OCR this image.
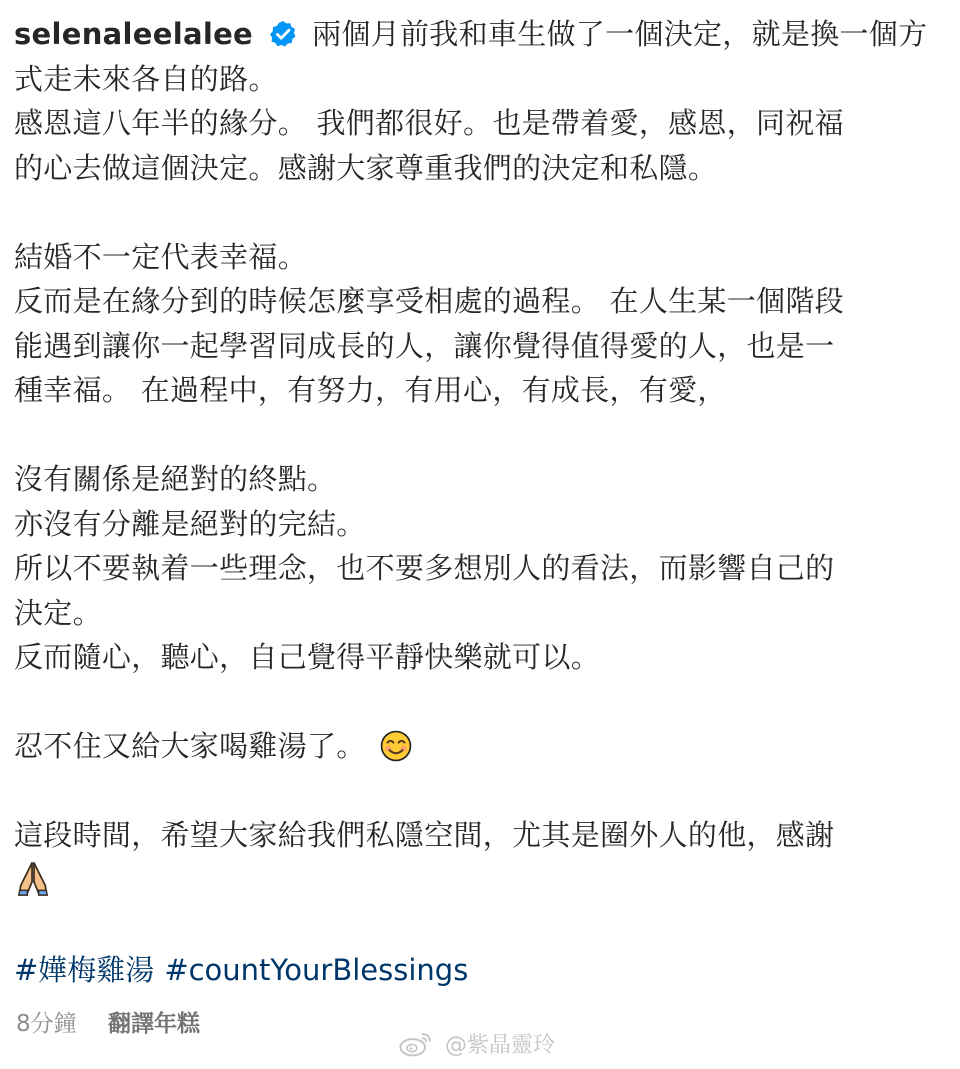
selenaleelalee 兩個月前我和車生做了一個決定，就是換一個方
式走未來各自的路。
感恩這八年半的緣分。 我們都很好。也是帶着愛，感恩，同祝福
的心去做這個決定。感謝大家尊重我們的決定和私隱。
結婚不一定代表幸福。
反而是在緣分到的時候怎麼享受相處的過程。 在人生某一個階段
能遇到讓你一起學習同成長的人，讓你覺得值得愛的人，也是一
種幸福。 在過程中，有努力，有用心，有成長，有愛，
沒有關係是絕對的終點。
亦沒有分離是絕對的完結。
所以不要執着一些理念，也不要多想別人的看法，而影響自己的
決定。
反而隨心，聽心，自己覺得平靜快樂就可以。
忍不住又給大家喝雞湯了。
這段時間，希望大家給我們私隱空間，尤其是圈外人的他，感謝
#嬅梅雞湯 #countYourBlessings
8分鐘 翻譯年糕
@紫晶靈玲
